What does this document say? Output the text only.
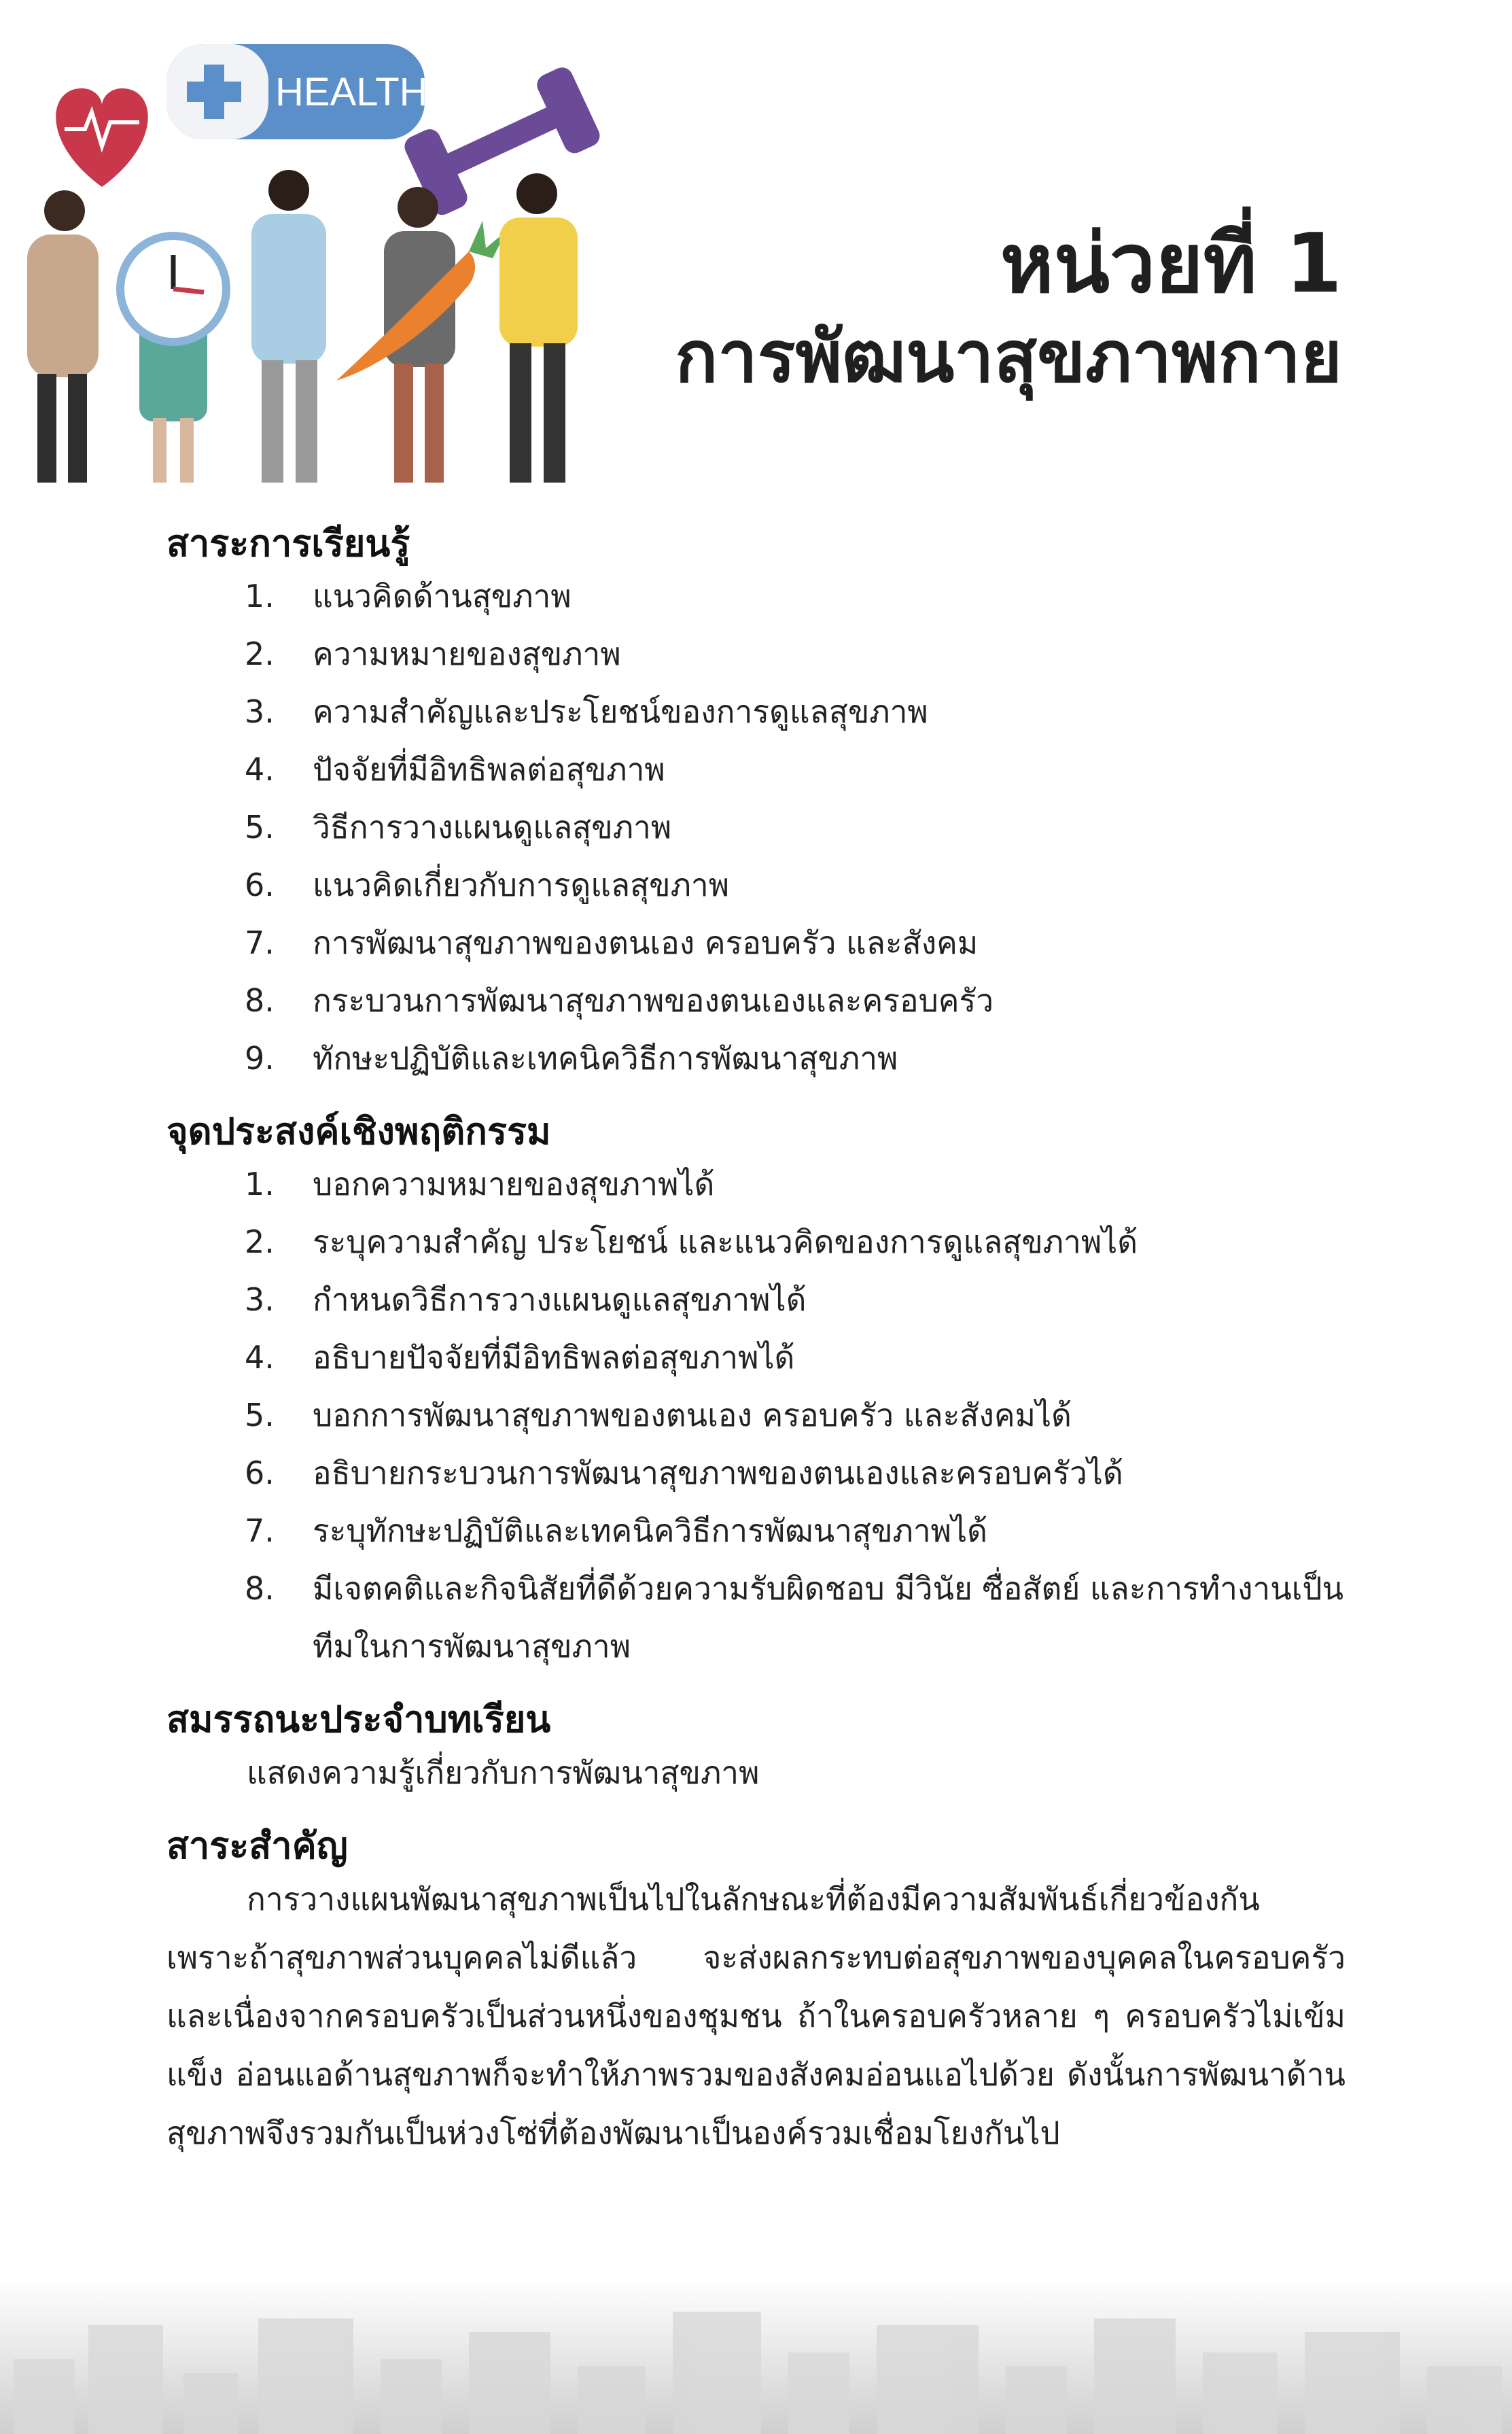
HEALTH
หน่วยที่ 1
การพัฒนาสุขภาพกาย
สาระการเรียนรู้
1.	แนวคิดด้านสุขภาพ
2.	ความหมายของสุขภาพ
3.	ความสำคัญและประโยชน์ของการดูแลสุขภาพ
4.	ปัจจัยที่มีอิทธิพลต่อสุขภาพ
5.	วิธีการวางแผนดูแลสุขภาพ
6.	แนวคิดเกี่ยวกับการดูแลสุขภาพ
7.	การพัฒนาสุขภาพของตนเอง ครอบครัว และสังคม
8.	กระบวนการพัฒนาสุขภาพของตนเองและครอบครัว
9.	ทักษะปฏิบัติและเทคนิควิธีการพัฒนาสุขภาพ
จุดประสงค์เชิงพฤติกรรม
1.	บอกความหมายของสุขภาพได้
2.	ระบุความสำคัญ ประโยชน์ และแนวคิดของการดูแลสุขภาพได้
3.	กำหนดวิธีการวางแผนดูแลสุขภาพได้
4.	อธิบายปัจจัยที่มีอิทธิพลต่อสุขภาพได้
5.	บอกการพัฒนาสุขภาพของตนเอง ครอบครัว และสังคมได้
6.	อธิบายกระบวนการพัฒนาสุขภาพของตนเองและครอบครัวได้
7.	ระบุทักษะปฏิบัติและเทคนิควิธีการพัฒนาสุขภาพได้
8.	มีเจตคติและกิจนิสัยที่ดีด้วยความรับผิดชอบ มีวินัย ซื่อสัตย์ และการทำงานเป็นทีมในการพัฒนาสุขภาพ
สมรรถนะประจำบทเรียน
แสดงความรู้เกี่ยวกับการพัฒนาสุขภาพ
สาระสำคัญ

การวางแผนพัฒนาสุขภาพเป็นไปในลักษณะที่ต้องมีความสัมพันธ์เกี่ยวข้องกัน เพราะถ้าสุขภาพส่วนบุคคลไม่ดีแล้ว จะส่งผลกระทบต่อสุขภาพของบุคคลในครอบครัว และเนื่องจากครอบครัวเป็นส่วนหนึ่งของชุมชน ถ้าในครอบครัวหลาย ๆ ครอบครัวไม่เข้มแข็ง อ่อนแอด้านสุขภาพก็จะทำให้ภาพรวมของสังคมอ่อนแอไปด้วย ดังนั้นการพัฒนาด้านสุขภาพจึงรวมกันเป็นห่วงโซ่ที่ต้องพัฒนาเป็นองค์รวมเชื่อมโยงกันไป
